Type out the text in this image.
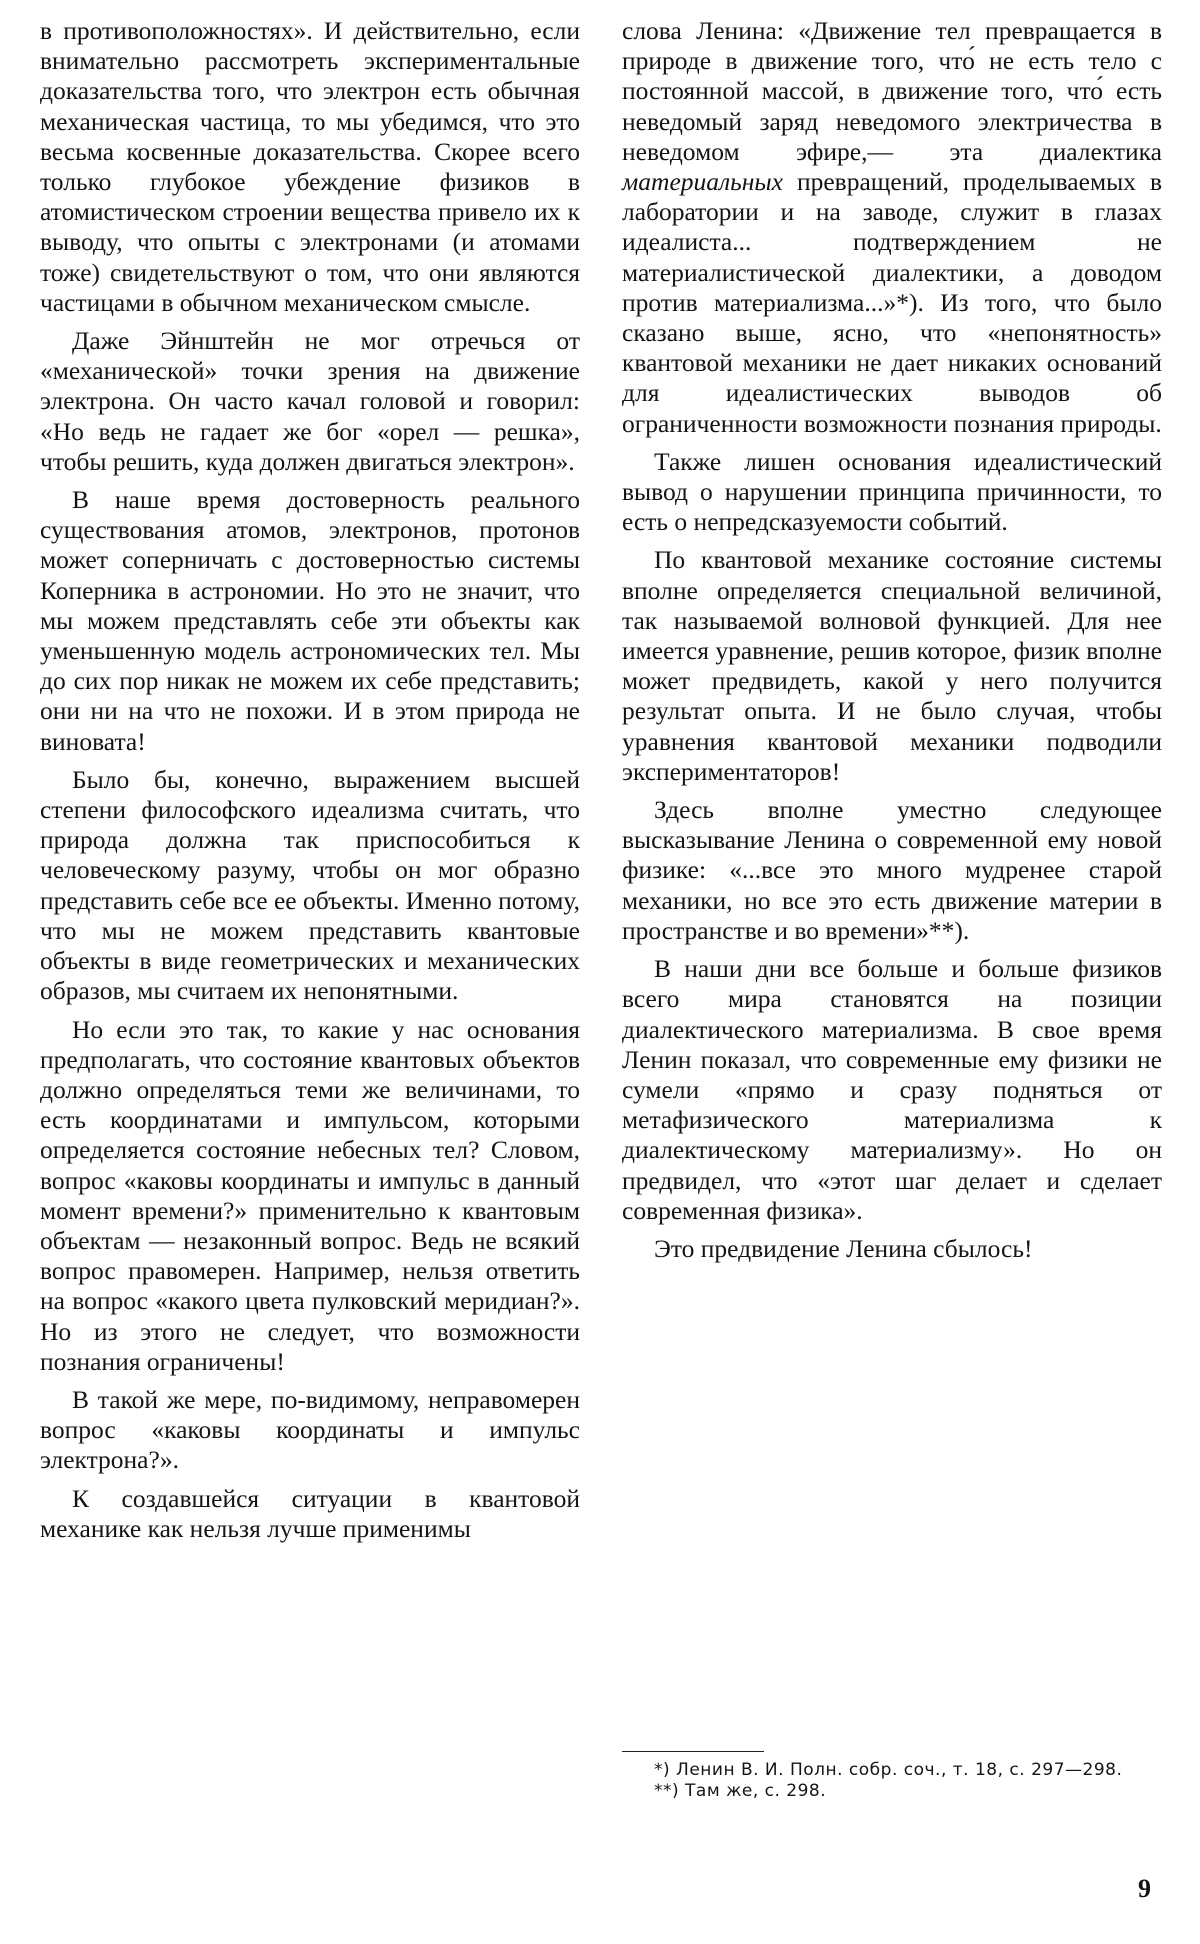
в противоположностях». И действительно, если внимательно рассмотреть экспериментальные доказательства того, что электрон есть обычная механическая частица, то мы убедимся, что это весьма косвенные доказательства. Скорее всего только глубокое убеждение физиков в атомистическом строении вещества привело их к выводу, что опыты с электронами (и атомами тоже) свидетельствуют о том, что они являются частицами в обычном механическом смысле.

Даже Эйнштейн не мог отречься от «механической» точки зрения на движение электрона. Он часто качал головой и говорил: «Но ведь не гадает же бог «орел — решка», чтобы решить, куда должен двигаться электрон».

В наше время достоверность реального существования атомов, электронов, протонов может соперничать с достоверностью системы Коперника в астрономии. Но это не значит, что мы можем представлять себе эти объекты как уменьшенную модель астрономических тел. Мы до сих пор никак не можем их себе представить; они ни на что не похожи. И в этом природа не виновата!

Было бы, конечно, выражением высшей степени философского идеализма считать, что природа должна так приспособиться к человеческому разуму, чтобы он мог образно представить себе все ее объекты. Именно потому, что мы не можем представить квантовые объекты в виде геометрических и механических образов, мы считаем их непонятными.

Но если это так, то какие у нас основания предполагать, что состояние квантовых объектов должно определяться теми же величинами, то есть координатами и импульсом, которыми определяется состояние небесных тел? Словом, вопрос «каковы координаты и импульс в данный момент времени?» применительно к квантовым объектам — незаконный вопрос. Ведь не всякий вопрос правомерен. Например, нельзя ответить на вопрос «какого цвета пулковский меридиан?». Но из этого не следует, что возможности познания ограничены!

В такой же мере, по-видимому, неправомерен вопрос «каковы координаты и импульс электрона?».

К создавшейся ситуации в квантовой механике как нельзя лучше применимы

слова Ленина: «Движение тел превращается в природе в движение того, что́ не есть тело с постоянной массой, в движение того, что́ есть неведомый заряд неведомого электричества в неведомом эфире,— эта диалектика материальных превращений, проделываемых в лаборатории и на заводе, служит в глазах идеалиста... подтверждением не материалистической диалектики, а доводом против материализма...»*). Из того, что было сказано выше, ясно, что «непонятность» квантовой механики не дает никаких оснований для идеалистических выводов об ограниченности возможности познания природы.

Также лишен основания идеалистический вывод о нарушении принципа причинности, то есть о непредсказуемости событий.

По квантовой механике состояние системы вполне определяется специальной величиной, так называемой волновой функцией. Для нее имеется уравнение, решив которое, физик вполне может предвидеть, какой у него получится результат опыта. И не было случая, чтобы уравнения квантовой механики подводили экспериментаторов!

Здесь вполне уместно следующее высказывание Ленина о современной ему новой физике: «...все это много мудренее старой механики, но все это есть движение материи в пространстве и во времени»**).

В наши дни все больше и больше физиков всего мира становятся на позиции диалектического материализма. В свое время Ленин показал, что современные ему физики не сумели «прямо и сразу подняться от метафизического материализма к диалектическому материализму». Но он предвидел, что «этот шаг делает и сделает современная физика».

Это предвидение Ленина сбылось!

*) Ленин В. И. Полн. собр. соч., т. 18, с. 297—298.

**) Там же, с. 298.

9
